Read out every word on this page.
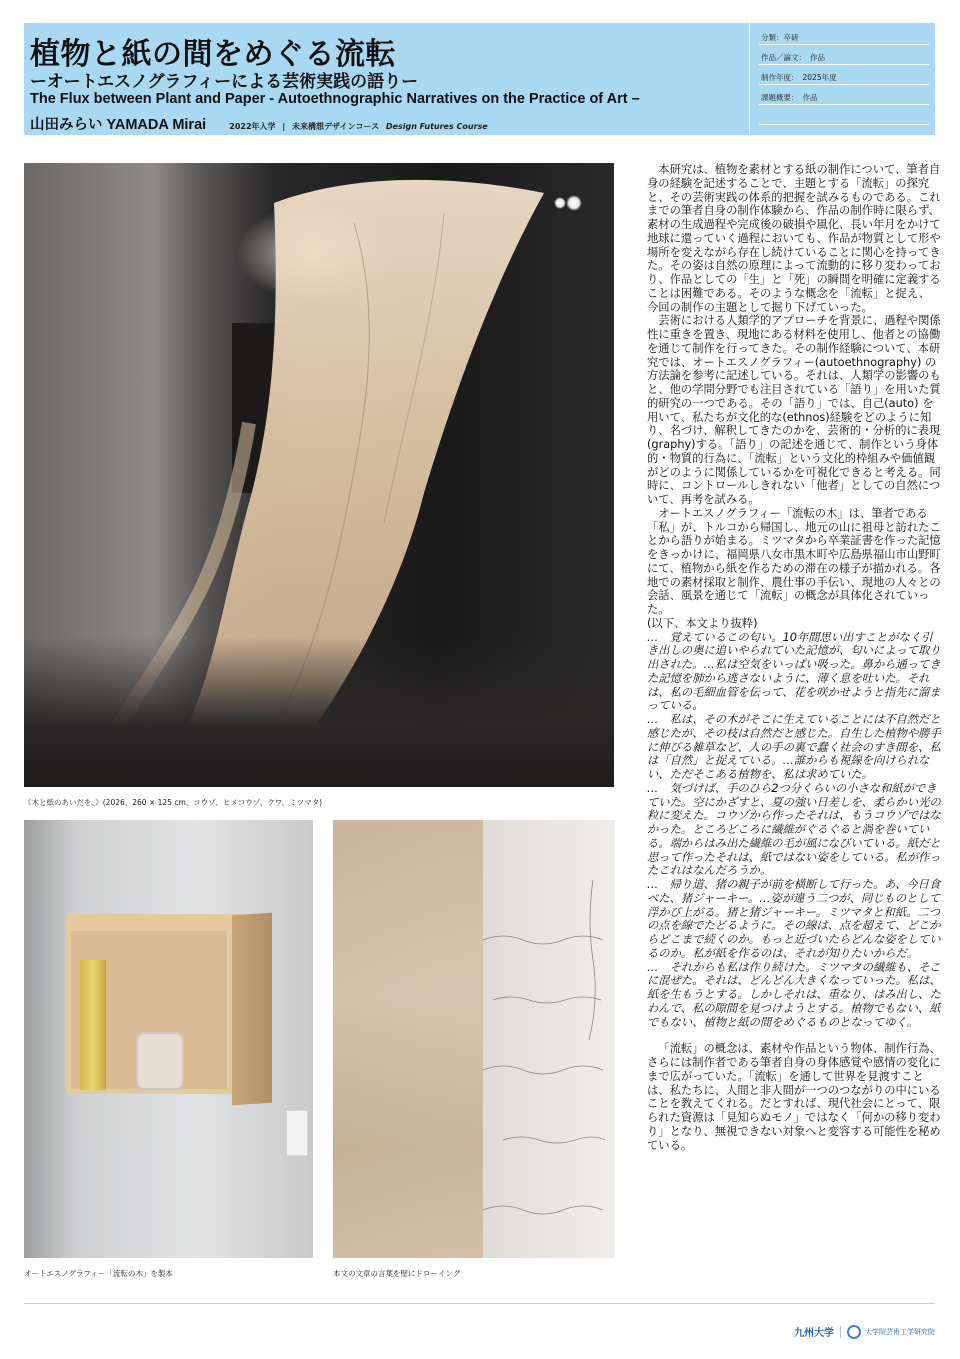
植物と紙の間をめぐる流転
ーオートエスノグラフィーによる芸術実践の語りー
The Flux between Plant and Paper - Autoethnographic Narratives on the Practice of Art –
山田みらい YAMADA Mirai	2022年入学 | 未来構想デザインコース Design Futures Course
分類：卒研
作品／論文： 作品
制作年度： 2025年度
課題概要： 作品
《木と紙のあいだを、》(2026、260 × 125 cm、コウゾ、ヒメコウゾ、クワ、ミツマタ)
オートエスノグラフィー「流転の木」を製本	本文の文章の言葉を壁にドローイング

本研究は、植物を素材とする紙の制作について、筆者自身の経験を記述することで、主題とする「流転」の探究と、その芸術実践の体系的把握を試みるものである。これまでの筆者自身の制作体験から、作品の制作時に限らず、素材の生成過程や完成後の破損や風化、長い年月をかけて地球に還っていく過程においても、作品が物質として形や場所を変えながら存在し続けていることに関心を持ってきた。その姿は自然の原理によって流動的に移り変わっており、作品としての「生」と「死」の瞬間を明確に定義することは困難である。そのような概念を「流転」と捉え、今回の制作の主題として掘り下げていった。

芸術における人類学的アプローチを背景に、過程や関係性に重きを置き、現地にある材料を使用し、他者との協働を通じて制作を行ってきた。その制作経験について、本研究では、オートエスノグラフィー(autoethnography) の方法論を参考に記述している。それは、人類学の影響のもと、他の学問分野でも注目されている「語り」を用いた質的研究の一つである。その「語り」では、自己(auto) を用いて、私たちが文化的な(ethnos)経験をどのように知り、名づけ、解釈してきたのかを、芸術的・分析的に表現(graphy)する。「語り」の記述を通じて、制作という身体的・物質的行為に、「流転」という文化的枠組みや価値観がどのように関係しているかを可視化できると考える。同時に、コントロールしきれない「他者」としての自然について、再考を試みる。

オートエスノグラフィー「流転の木」は、筆者である「私」が、トルコから帰国し、地元の山に祖母と訪れたことから語りが始まる。ミツマタから卒業証書を作った記憶をきっかけに、福岡県八女市黒木町や広島県福山市山野町にて、植物から紙を作るための滞在の様子が描かれる。各地での素材採取と制作、農仕事の手伝い、現地の人々との会話、風景を通じて「流転」の概念が具体化されていった。

(以下、本文より抜粋)

…　覚えているこの匂い。10年間思い出すことがなく引き出しの奥に追いやられていた記憶が、匂いによって取り出された。…私は空気をいっぱい吸った。鼻から通ってきた記憶を肺から逃さないように、薄く息を吐いた。それは、私の毛細血管を伝って、花を咲かせようと指先に溜まっている。

…　私は、その木がそこに生えていることには不自然だと感じたが、その枝は自然だと感じた。自生した植物や勝手に伸びる雑草など、人の手の裏で蠢く社会のすき間を、私は「自然」と捉えている。…誰からも視線を向けられない、ただそこある植物を、私は求めていた。

…　気づけば、手のひら2つ分くらいの小さな和紙ができていた。空にかざすと、夏の強い日差しを、柔らかい光の粒に変えた。コウゾから作ったそれは、もうコウゾではなかった。ところどころに繊維がぐるぐると渦を巻いている。端からはみ出た繊維の毛が風になびいている。紙だと思って作ったそれは、紙ではない姿をしている。私が作ったこれはなんだろうか。

…　帰り道、猪の親子が前を横断して行った。あ、今日食べた、猪ジャーキー。…姿が違う二つが、同じものとして　浮かび上がる。猪と猪ジャーキー。ミツマタと和紙。二つの点を線でたどるように。その線は、点を超えて、どこからどこまで続くのか。もっと近づいたらどんな姿をしているのか。私が紙を作るのは、それが知りたいからだ。

…　それからも私は作り続けた。ミツマタの繊維も、そこに混ぜた。それは、どんどん大きくなっていった。私は、紙を生もうとする。しかしそれは、重なり、はみ出し、たわんで、私の隙間を見つけようとする。植物でもない、紙でもない、植物と紙の間をめぐるものとなってゆく。

「流転」の概念は、素材や作品という物体、制作行為、さらには制作者である筆者自身の身体感覚や感情の変化にまで広がっていた。「流転」を通して世界を見渡すことは、私たちに、人間と非人間が一つのつながりの中にいることを教えてくれる。だとすれば、現代社会にとって、限られた資源は「見知らぬモノ」ではなく「何かの移り変わり」となり、無視できない対象へと変容する可能性を秘めている。

九州大学	大学院芸術工学研究院
